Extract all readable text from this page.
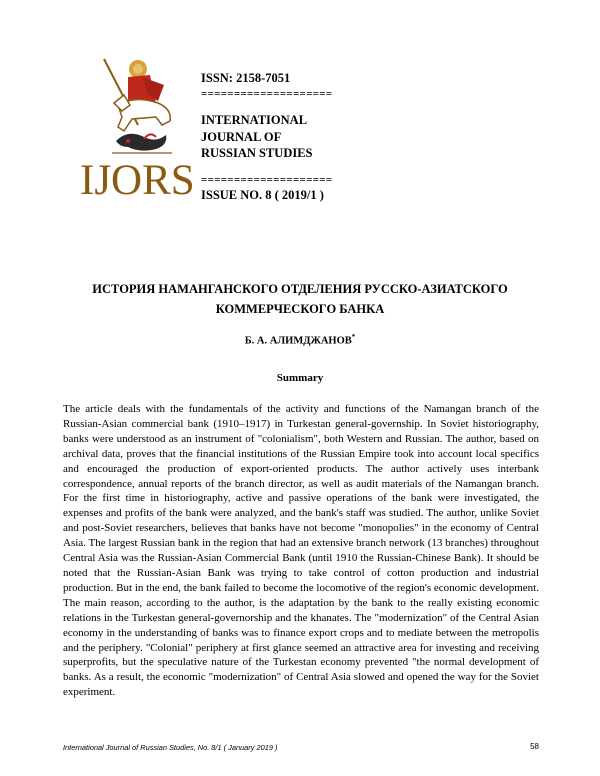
IJORS
ISSN: 2158-7051
====================
INTERNATIONAL
JOURNAL OF
RUSSIAN STUDIES
====================
ISSUE NO. 8 ( 2019/1 )
ИСТОРИЯ НАМАНГАНСКОГО ОТДЕЛЕНИЯ РУССКО-АЗИАТСКОГО
КОММЕРЧЕСКОГО БАНКА
Б. А. АЛИМДЖАНОВ*
Summary

The article deals with the fundamentals of the activity and functions of the Namangan branch of the Russian-Asian commercial bank (1910–1917) in Turkestan general-governship. In Soviet historiography, banks were understood as an instrument of "colonialism", both Western and Russian. The author, based on archival data, proves that the financial institutions of the Russian Empire took into account local specifics and encouraged the production of export-oriented products. The author actively uses interbank correspondence, annual reports of the branch director, as well as audit materials of the Namangan branch. For the first time in historiography, active and passive operations of the bank were investigated, the expenses and profits of the bank were analyzed, and the bank's staff was studied. The author, unlike Soviet and post-Soviet researchers, believes that banks have not become "monopolies" in the economy of Central Asia. The largest Russian bank in the region that had an extensive branch network (13 branches) throughout Central Asia was the Russian-Asian Commercial Bank (until 1910 the Russian-Chinese Bank). It should be noted that the Russian-Asian Bank was trying to take control of cotton production and industrial production. But in the end, the bank failed to become the locomotive of the region's economic development. The main reason, according to the author, is the adaptation by the bank to the really existing economic relations in the Turkestan general-governorship and the khanates. The "modernization" of the Central Asian economy in the understanding of banks was to finance export crops and to mediate between the metropolis and the periphery. "Colonial" periphery at first glance seemed an attractive area for investing and receiving superprofits, but the speculative nature of the Turkestan economy prevented "the normal development of banks. As a result, the economic "modernization" of Central Asia slowed and opened the way for the Soviet experiment.

International Journal of Russian Studies, No. 8/1 ( January 2019 )	58
